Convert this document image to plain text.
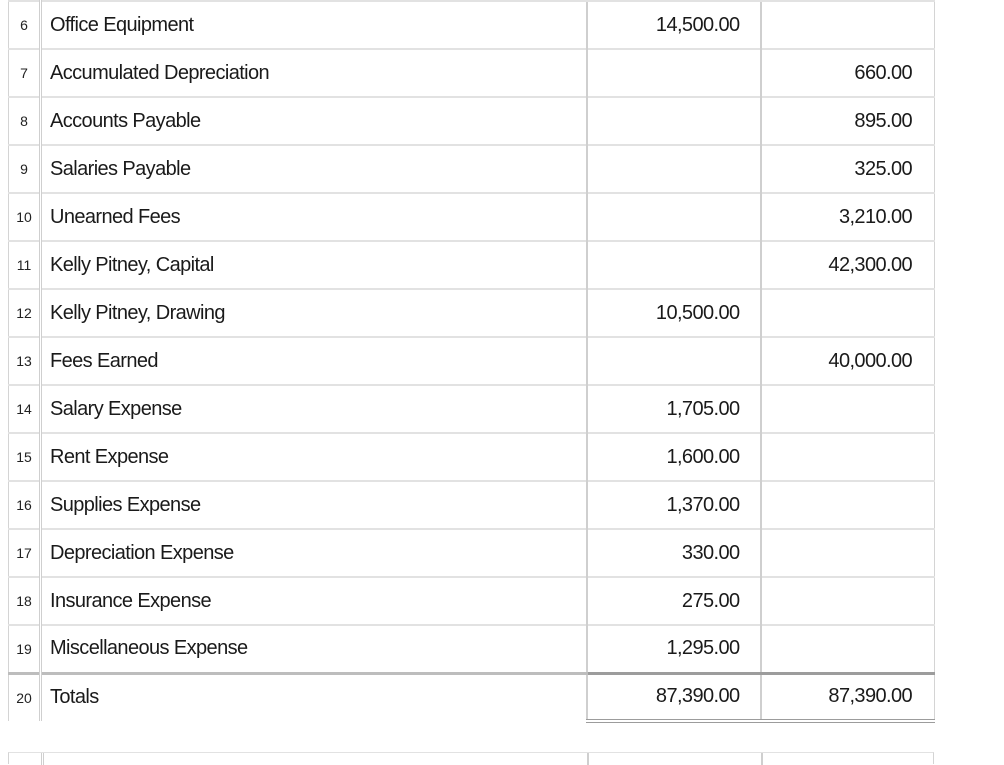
6	Office Equipment	14,500.00	
7	Accumulated Depreciation		660.00
8	Accounts Payable		895.00
9	Salaries Payable		325.00
10	Unearned Fees		3,210.00
11	Kelly Pitney, Capital		42,300.00
12	Kelly Pitney, Drawing	10,500.00	
13	Fees Earned		40,000.00
14	Salary Expense	1,705.00	
15	Rent Expense	1,600.00	
16	Supplies Expense	1,370.00	
17	Depreciation Expense	330.00	
18	Insurance Expense	275.00	
19	Miscellaneous Expense	1,295.00	
20	Totals	87,390.00	87,390.00
